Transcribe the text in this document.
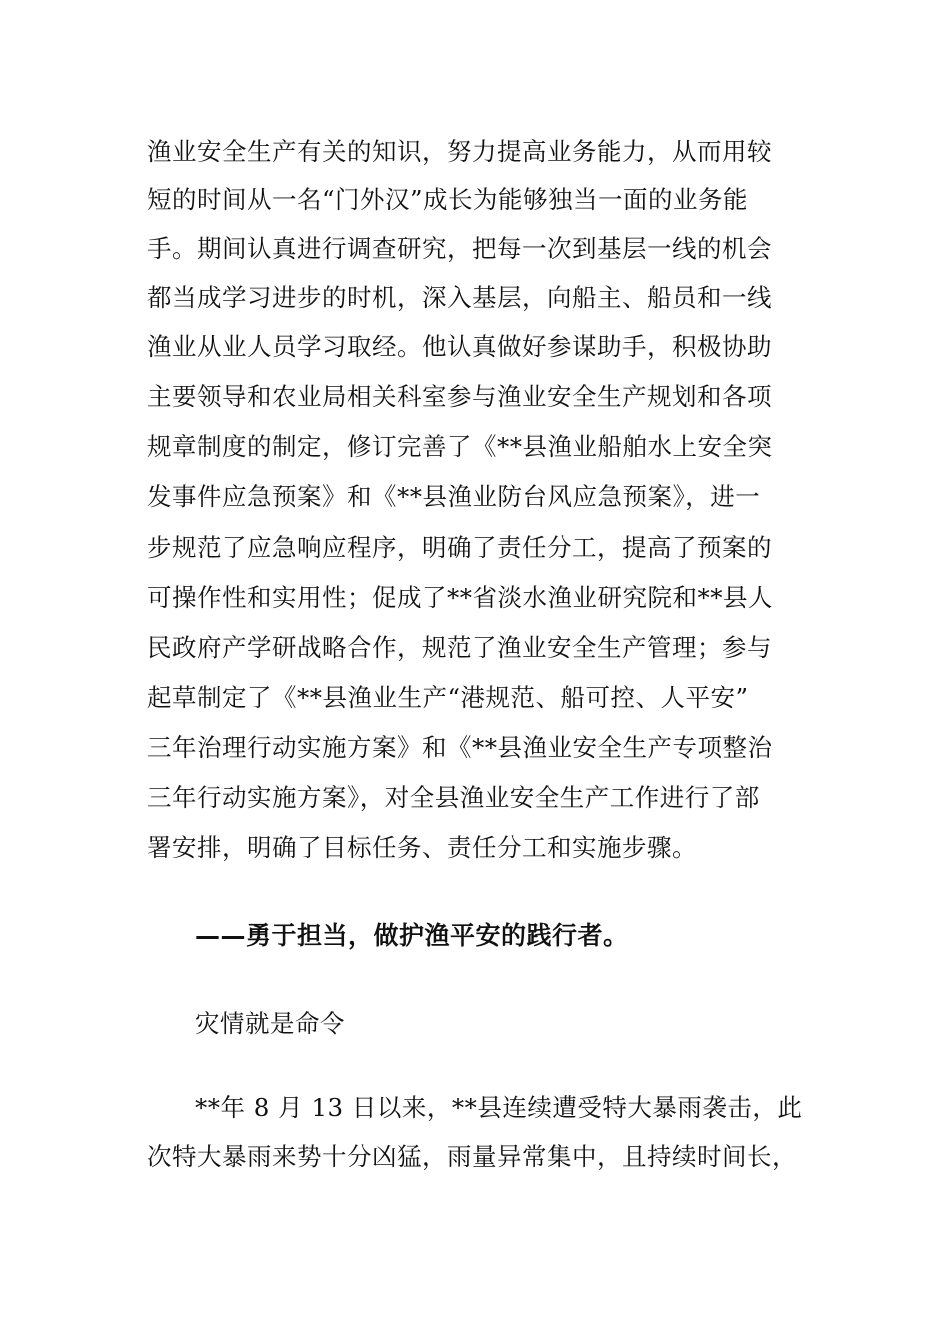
渔业安全生产有关的知识，努力提高业务能力，从而用较
短的时间从一名“门外汉”成长为能够独当一面的业务能
手。期间认真进行调查研究，把每一次到基层一线的机会
都当成学习进步的时机，深入基层，向船主、船员和一线
渔业从业人员学习取经。他认真做好参谋助手，积极协助
主要领导和农业局相关科室参与渔业安全生产规划和各项
规章制度的制定，修订完善了《**县渔业船舶水上安全突
发事件应急预案》和《**县渔业防台风应急预案》，进一
步规范了应急响应程序，明确了责任分工，提高了预案的
可操作性和实用性；促成了**省淡水渔业研究院和**县人
民政府产学研战略合作，规范了渔业安全生产管理；参与
起草制定了《**县渔业生产“港规范、船可控、人平安”
三年治理行动实施方案》和《**县渔业安全生产专项整治
三年行动实施方案》，对全县渔业安全生产工作进行了部
署安排，明确了目标任务、责任分工和实施步骤。
——勇于担当，做护渔平安的践行者。
灾情就是命令
**年 8 月 13 日以来，**县连续遭受特大暴雨袭击，此
次特大暴雨来势十分凶猛，雨量异常集中，且持续时间长，
